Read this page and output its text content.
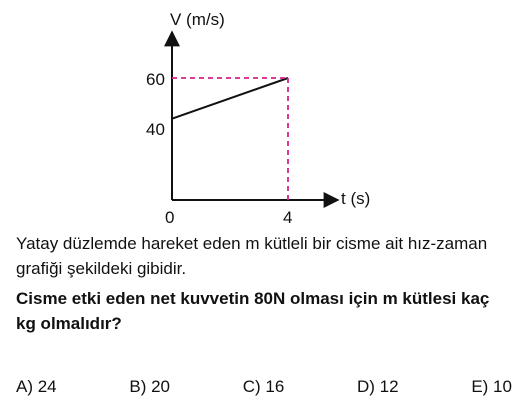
V (m/s)
t (s)
40
60
0	4

Yatay düzlemde hareket eden m kütleli bir cisme ait hız-zaman grafiği şekildeki gibidir.

Cisme etki eden net kuvvetin 80N olması için m kütlesi kaç kg olmalıdır?

A) 24	B) 20	C) 16	D) 12	E) 10
